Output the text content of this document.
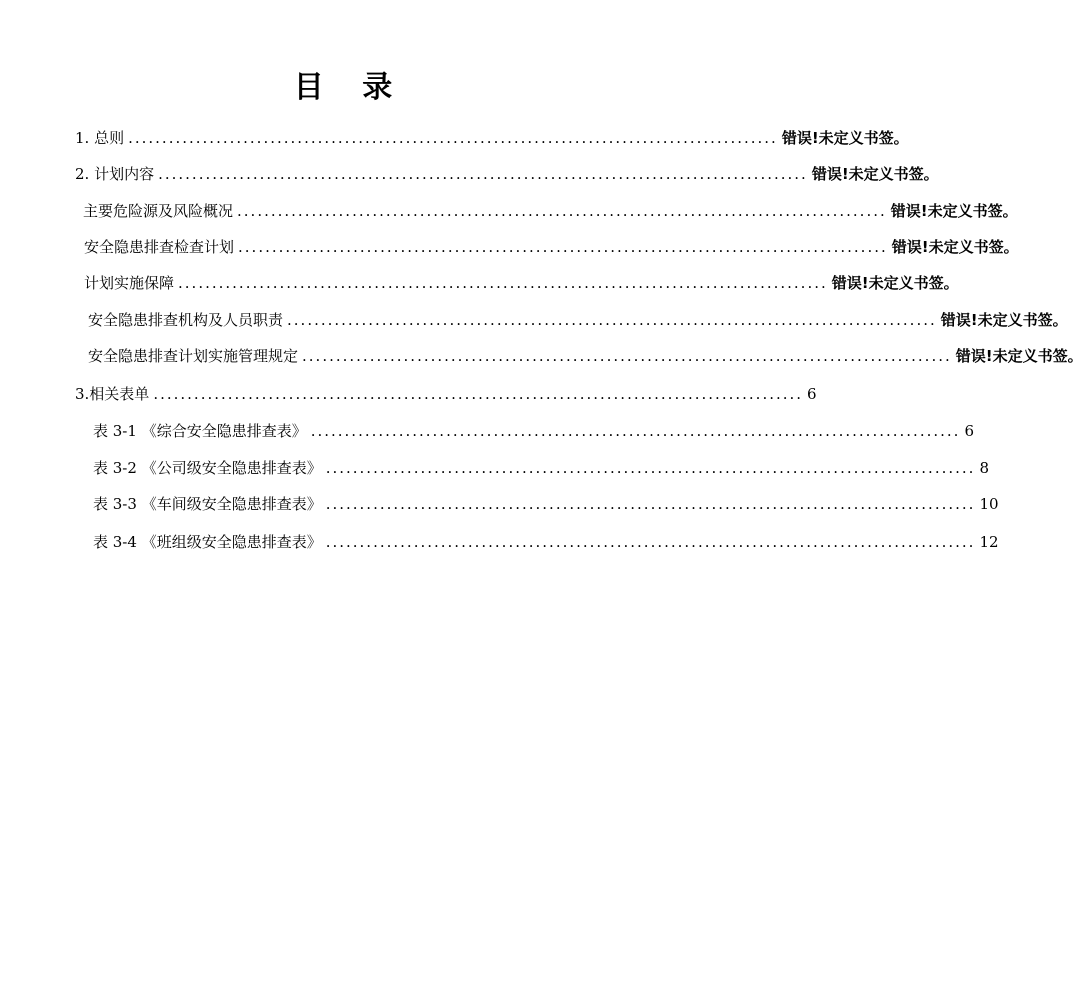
目 录
1. 总则 ................................................................................................ 错误!未定义书签。
2. 计划内容 ................................................................................................ 错误!未定义书签。
主要危险源及风险概况 ................................................................................................ 错误!未定义书签。
安全隐患排查检查计划 ................................................................................................ 错误!未定义书签。
计划实施保障 ................................................................................................ 错误!未定义书签。
安全隐患排查机构及人员职责 ................................................................................................ 错误!未定义书签。
安全隐患排查计划实施管理规定 ................................................................................................ 错误!未定义书签。
3.相关表单 ................................................................................................ 6
表 3-1 《综合安全隐患排查表》 ................................................................................................ 6
表 3-2 《公司级安全隐患排查表》 ................................................................................................ 8
表 3-3 《车间级安全隐患排查表》 ................................................................................................ 10
表 3-4 《班组级安全隐患排查表》 ................................................................................................ 12
